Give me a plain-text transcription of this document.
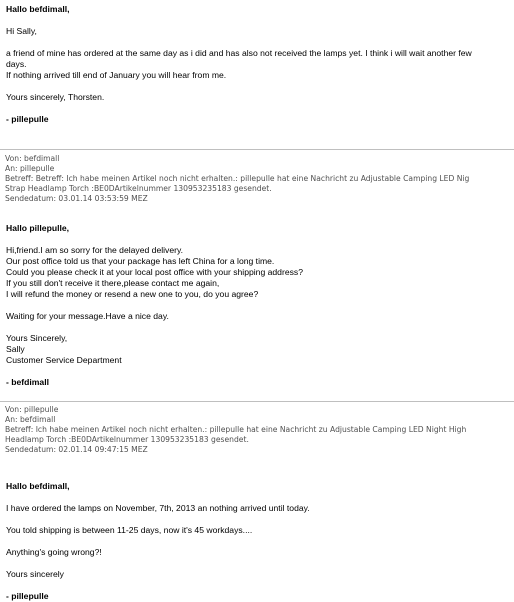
Hallo befdimall,

Hi Sally,

a friend of mine has ordered at the same day as i did and has also not received the lamps yet. I think i will wait another few

days.

If nothing arrived till end of January you will hear from me.

Yours sincerely, Thorsten.

- pillepulle
Von: befdimall
An: pillepulle
Betreff: Betreff: Ich habe meinen Artikel noch nicht erhalten.: pillepulle hat eine Nachricht zu Adjustable Camping LED Nig
Strap Headlamp Torch :BE0DArtikelnummer 130953235183 gesendet.
Sendedatum: 03.01.14 03:53:59 MEZ
Hallo pillepulle,

Hi,friend.I am so sorry for the delayed delivery.

Our post office told us that your package has left China for a long time.

Could you please check it at your local post office with your shipping address?

If you still don't receive it there,please contact me again,

I will refund the money or resend a new one to you, do you agree?

Waiting for your message.Have a nice day.

Yours Sincerely,

Sally

Customer Service Department

- befdimall
Von: pillepulle
An: befdimall
Betreff: Ich habe meinen Artikel noch nicht erhalten.: pillepulle hat eine Nachricht zu Adjustable Camping LED Night High
Headlamp Torch :BE0DArtikelnummer 130953235183 gesendet.
Sendedatum: 02.01.14 09:47:15 MEZ
Hallo befdimall,

I have ordered the lamps on November, 7th, 2013 an nothing arrived until today.

You told shipping is between 11-25 days, now it's 45 workdays....

Anything's going wrong?!

Yours sincerely

- pillepulle
